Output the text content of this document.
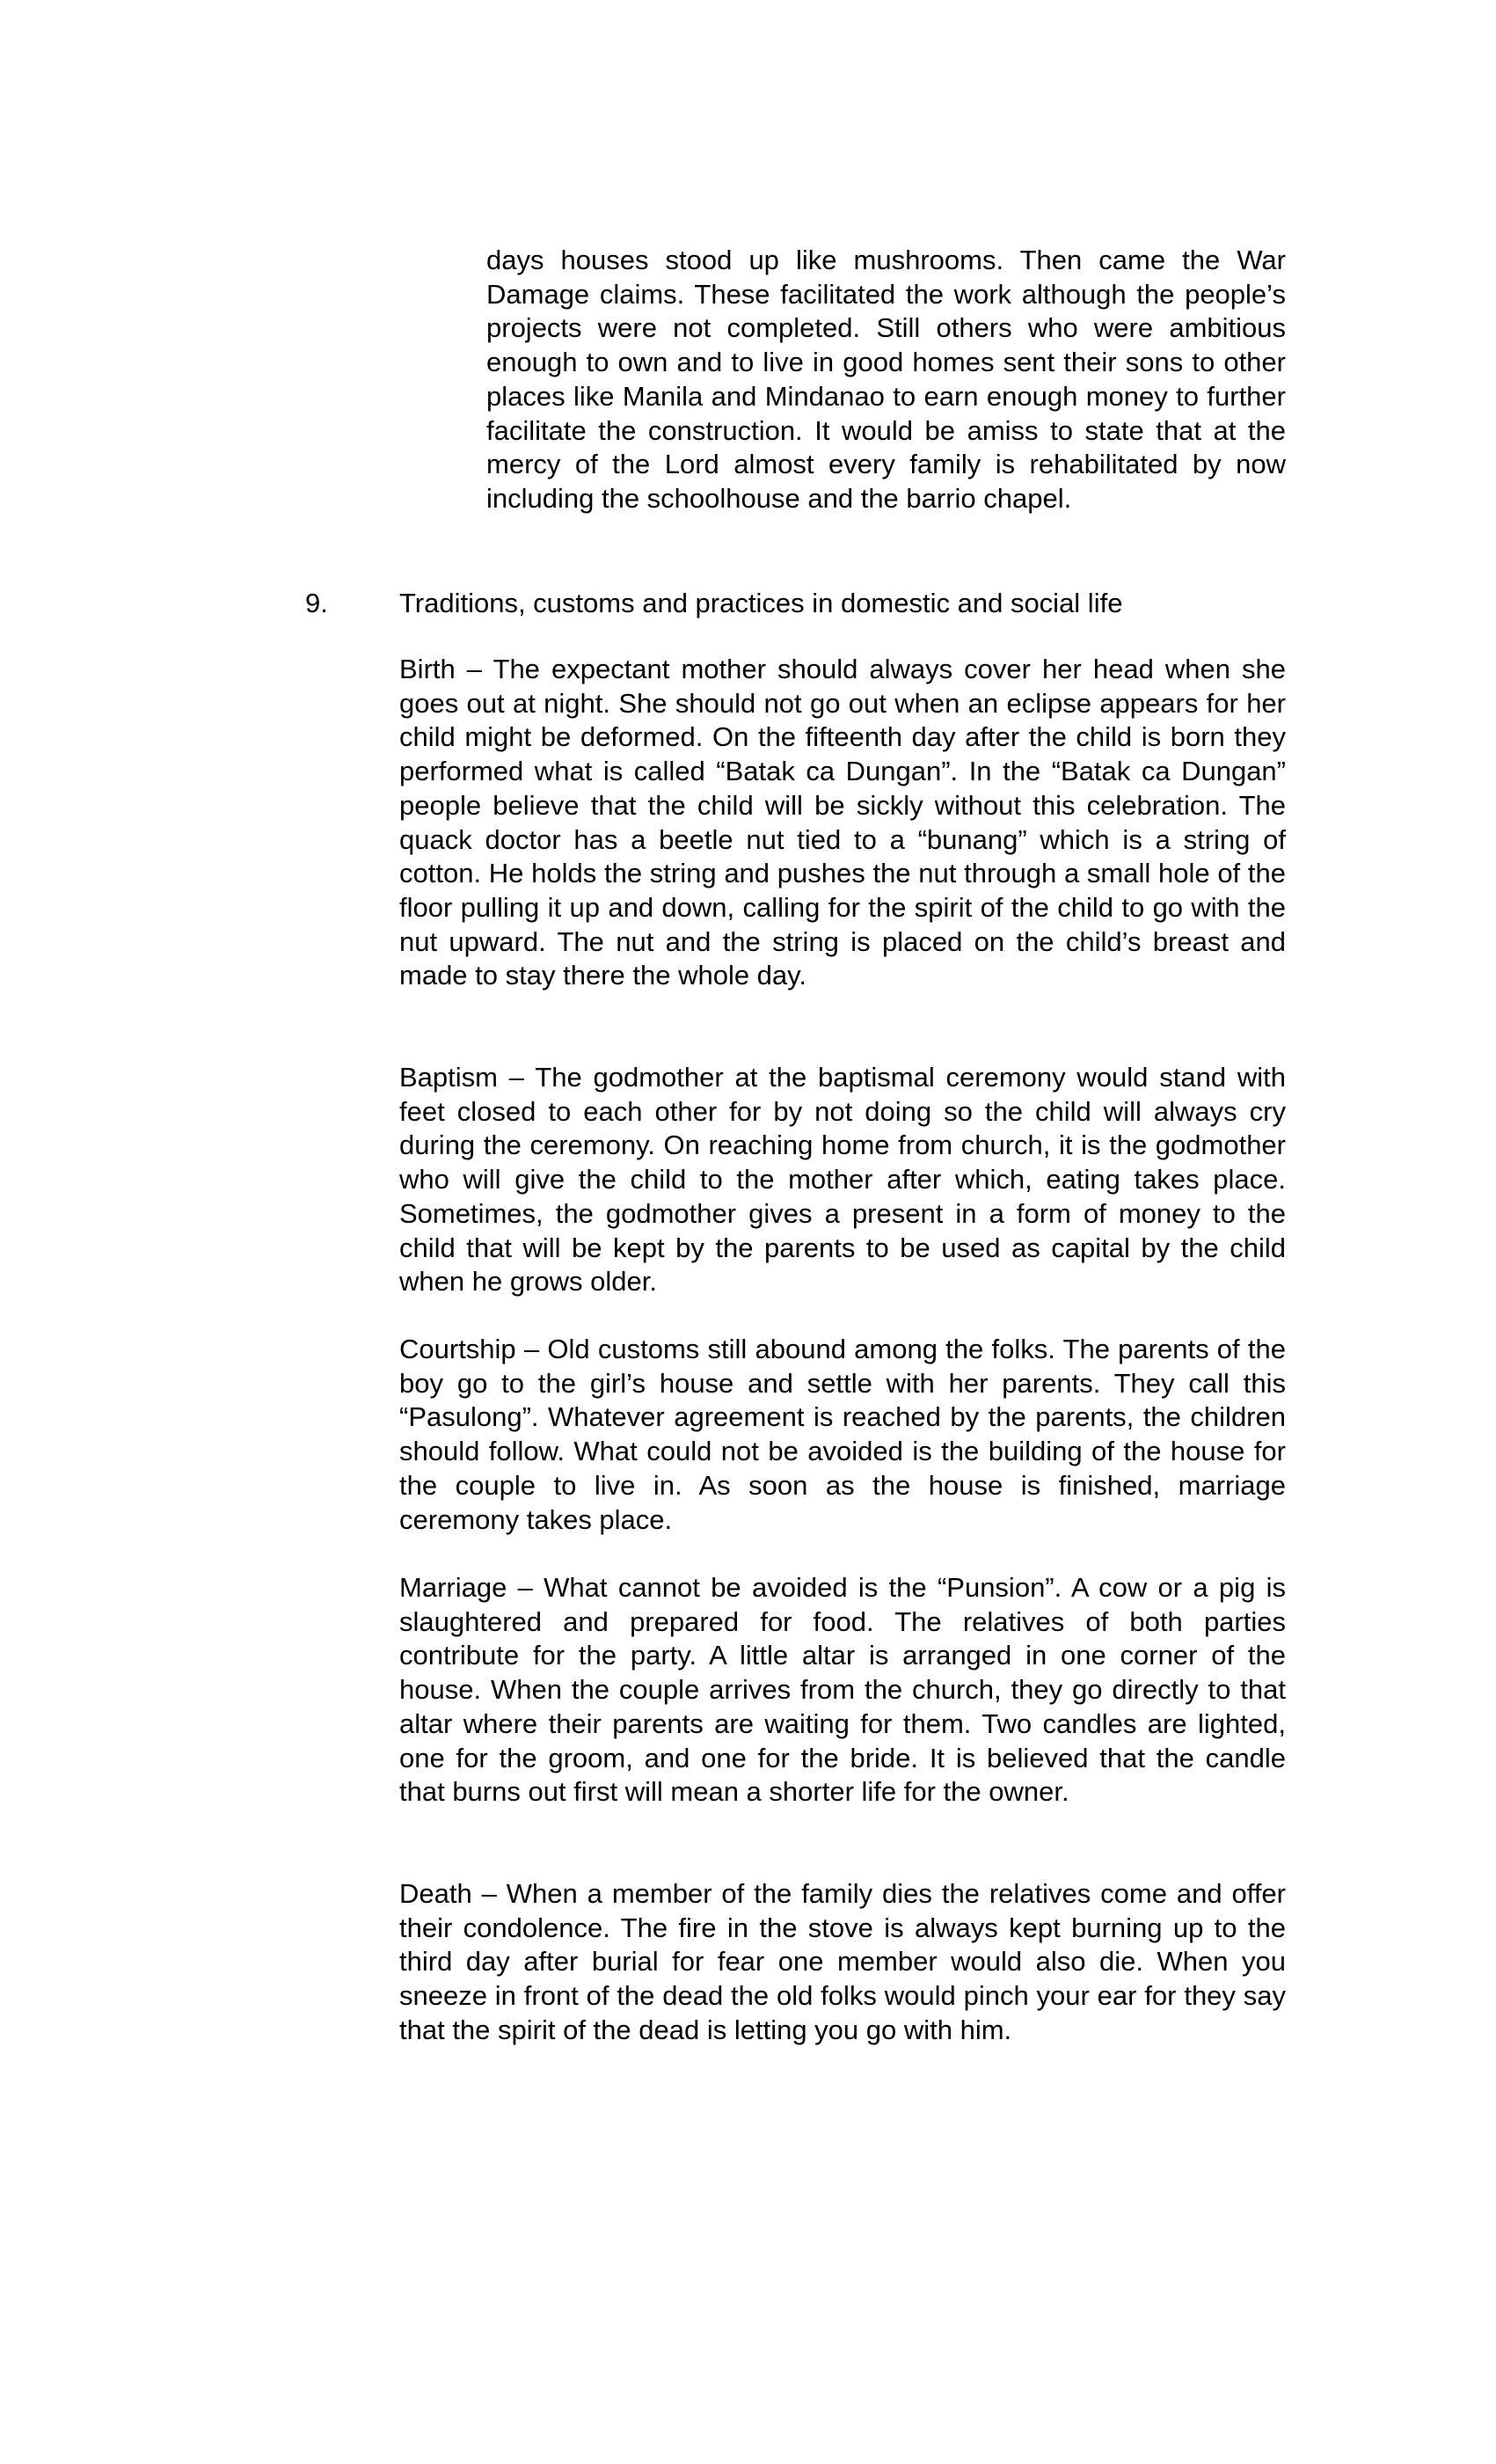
days houses stood up like mushrooms. Then came the War Damage claims. These facilitated the work although the people’s projects were not completed. Still others who were ambitious enough to own and to live in good homes sent their sons to other places like Manila and Mindanao to earn enough money to further facilitate the construction. It would be amiss to state that at the mercy of the Lord almost every family is rehabilitated by now including the schoolhouse and the barrio chapel.

9.	Traditions, customs and practices in domestic and social life

Birth – The expectant mother should always cover her head when she goes out at night. She should not go out when an eclipse appears for her child might be deformed. On the fifteenth day after the child is born they performed what is called “Batak ca Dungan”. In the “Batak ca Dungan” people believe that the child will be sickly without this celebration. The quack doctor has a beetle nut tied to a “bunang” which is a string of cotton. He holds the string and pushes the nut through a small hole of the floor pulling it up and down, calling for the spirit of the child to go with the nut upward. The nut and the string is placed on the child’s breast and made to stay there the whole day.

Baptism – The godmother at the baptismal ceremony would stand with feet closed to each other for by not doing so the child will always cry during the ceremony. On reaching home from church, it is the godmother who will give the child to the mother after which, eating takes place. Sometimes, the godmother gives a present in a form of money to the child that will be kept by the parents to be used as capital by the child when he grows older.

Courtship – Old customs still abound among the folks. The parents of the boy go to the girl’s house and settle with her parents. They call this “Pasulong”. Whatever agreement is reached by the parents, the children should follow. What could not be avoided is the building of the house for the couple to live in. As soon as the house is finished, marriage ceremony takes place.

Marriage – What cannot be avoided is the “Punsion”. A cow or a pig is slaughtered and prepared for food. The relatives of both parties contribute for the party. A little altar is arranged in one corner of the house. When the couple arrives from the church, they go directly to that altar where their parents are waiting for them. Two candles are lighted, one for the groom, and one for the bride. It is believed that the candle that burns out first will mean a shorter life for the owner.

Death – When a member of the family dies the relatives come and offer their condolence. The fire in the stove is always kept burning up to the third day after burial for fear one member would also die. When you sneeze in front of the dead the old folks would pinch your ear for they say that the spirit of the dead is letting you go with him.
